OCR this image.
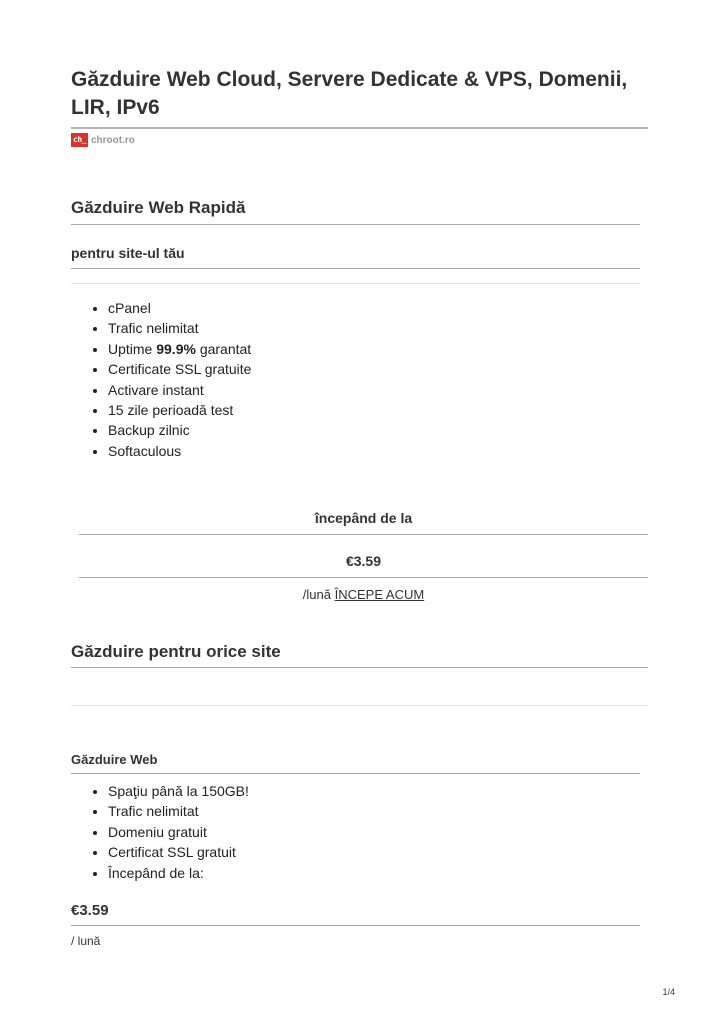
Găzduire Web Cloud, Servere Dedicate & VPS, Domenii, LIR, IPv6
ch_ chroot.ro
Găzduire Web Rapidă
pentru site-ul tău
• cPanel
• Trafic nelimitat
• Uptime 99.9% garantat
• Certificate SSL gratuite
• Activare instant
• 15 zile perioadă test
• Backup zilnic
• Softaculous
începând de la
€3.59
/lună ÎNCEPE ACUM
Găzduire pentru orice site
Găzduire Web
• Spaţiu până la 150GB!
• Trafic nelimitat
• Domeniu gratuit
• Certificat SSL gratuit
• Începând de la:
€3.59
/ lună
1/4
